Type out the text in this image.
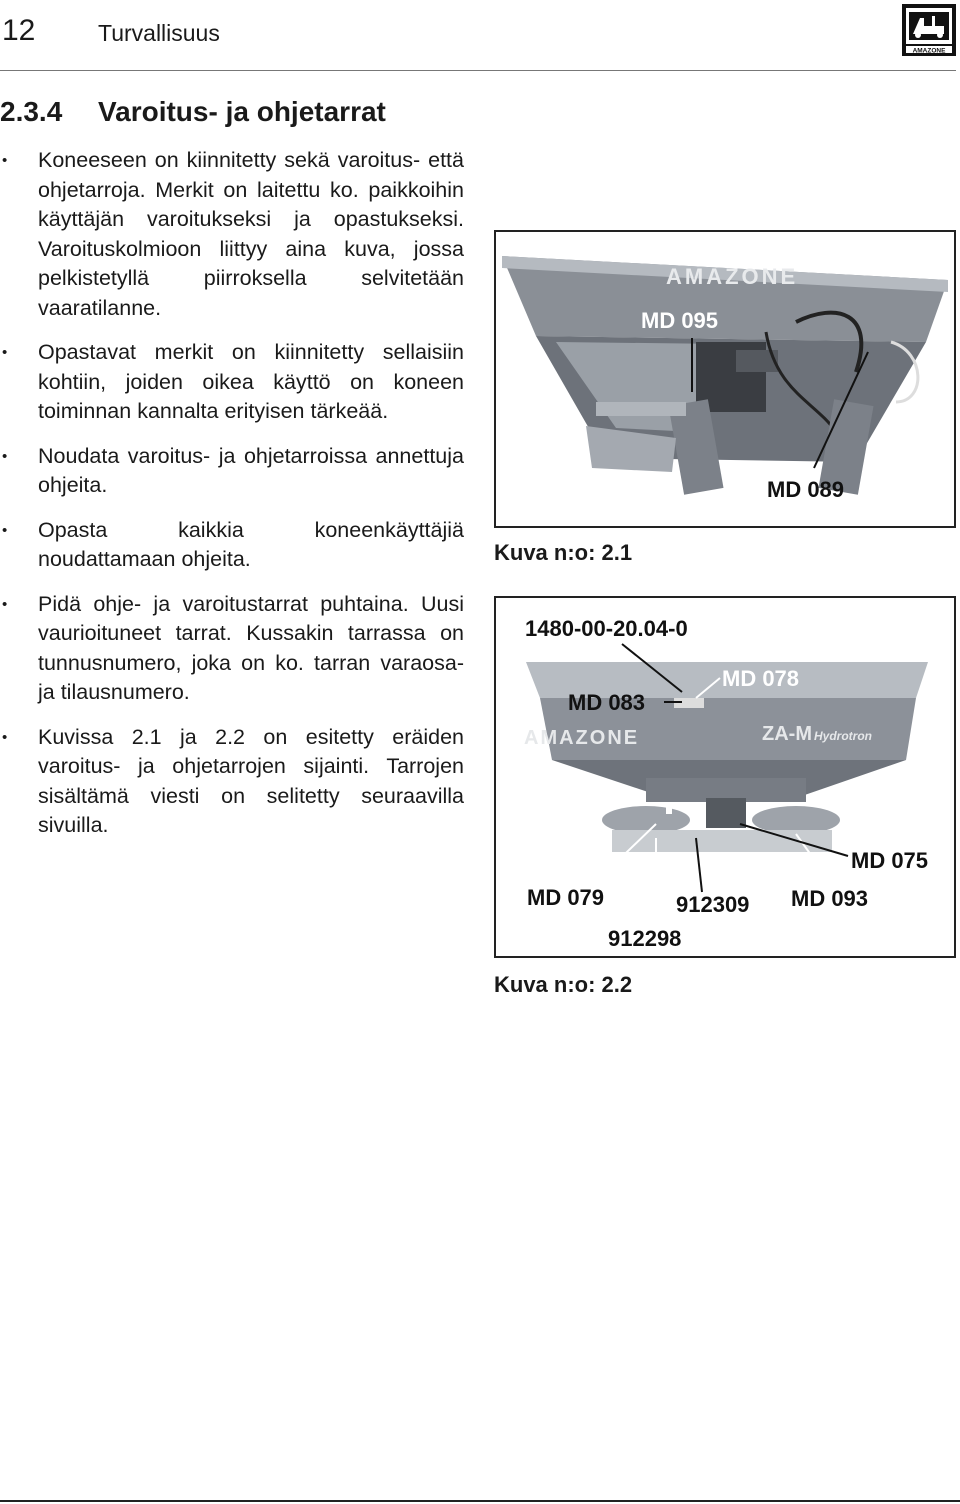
12	Turvallisuus
AMAZONE
2.3.4 Varoitus- ja ohjetarrat
• Koneeseen on kiinnitetty sekä varoitus- että ohjetarroja. Merkit on laitettu ko. paikkoihin käyttäjän varoitukseksi ja opastukseksi. Varoituskolmioon liittyy aina kuva, jossa pelkistetyllä piirroksella selvitetään vaaratilanne.
• Opastavat merkit on kiinnitetty sellaisiin kohtiin, joiden oikea käyttö on koneen toiminnan kannalta erityisen tärkeää.
• Noudata varoitus- ja ohjetarroissa annettuja ohjeita.
• Opasta kaikkia koneenkäyttäjiä noudattamaan ohjeita.
• Pidä ohje- ja varoitustarrat puhtaina. Uusi vaurioituneet tarrat. Kussakin tarrassa on tunnusnumero, joka on ko. tarran varaosa- ja tilausnumero.
• Kuvissa 2.1 ja 2.2 on esitetty eräiden varoitus- ja ohjetarrojen sijainti. Tarrojen sisältämä viesti on selitetty seuraavilla sivuilla.
AMAZONE
MD 095
MD 089
Kuva n:o: 2.1
AMAZONE	ZA-M Hydrotron
1480-00-20.04-0
MD 078
MD 083
MD 075
MD 079	912309 MD 093
912298
Kuva n:o: 2.2
